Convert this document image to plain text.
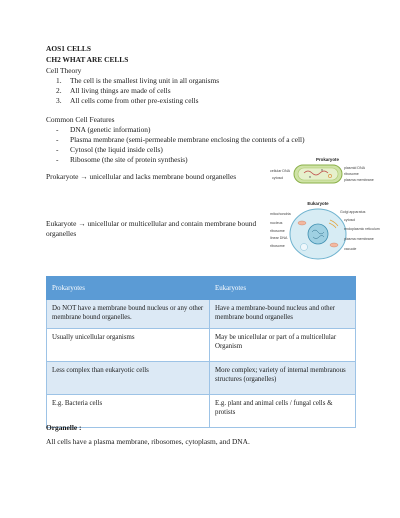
AOS1 CELLS
CH2 WHAT ARE CELLS
Cell Theory
1. The cell is the smallest living unit in all organisms
2. All living things are made of cells
3. All cells come from other pre-existing cells
Common Cell Features
- DNA (genetic information)
- Plasma membrane (semi-permeable membrane enclosing the contents of a cell)
- Cytosol (the liquid inside cells)
- Ribosome (the site of protein synthesis)
Prokaryote → unicellular and lacks membrane bound organelles
Prokaryote
cellular DNA
cytosol
plasmid DNA
ribosome
plasma membrane
Eukaryote → unicellular or multicellular and contain membrane bound
organelles
Eukaryote
mitochondria
nucleus
ribosome
linear DNA
ribosome
Golgi apparatus
cytosol
endoplasmic reticulum
plasma membrane
vacuole
Prokaryotes	Eukaryotes
Do NOT have a membrane bound nucleus or any other membrane bound organelles.	Have a membrane-bound nucleus and other membrane bound organelles
Usually unicellular organisms	May be unicellular or part of a multicellular Organism
Less complex than eukaryotic cells	More complex; variety of internal membranous structures (organelles)
E.g. Bacteria cells	E.g. plant and animal cells / fungal cells & protists
Organelle :
All cells have a plasma membrane, ribosomes, cytoplasm, and DNA.
